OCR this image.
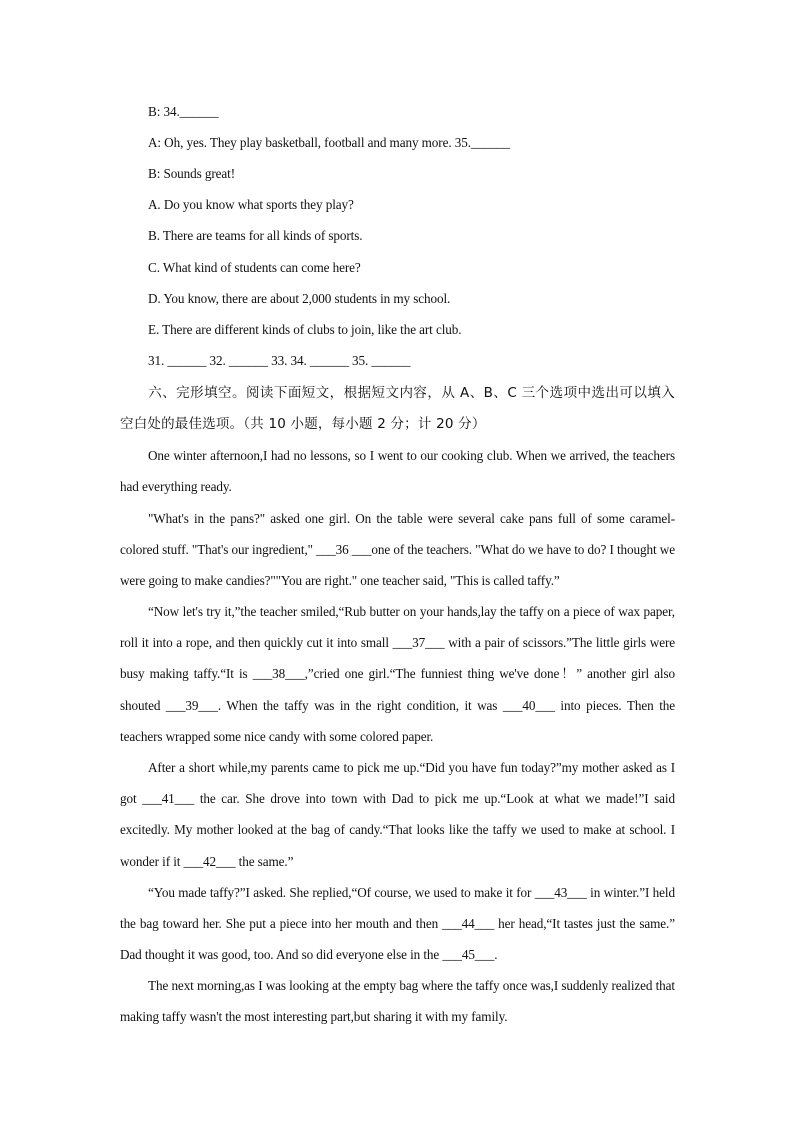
B: 34.______
A: Oh, yes. They play basketball, football and many more. 35.______
B: Sounds great!
A. Do you know what sports they play?
B. There are teams for all kinds of sports.
C. What kind of students can come here?
D. You know, there are about 2,000 students in my school.
E. There are different kinds of clubs to join, like the art club.
31. ______ 32. ______ 33. 34. ______ 35. ______
六、完形填空。阅读下面短文，根据短文内容，从 A、B、C 三个选项中选出可以填入空白处的最佳选项。（共 10 小题，每小题 2 分；计 20 分）
One winter afternoon,I had no lessons, so I went to our cooking club. When we arrived, the teachers had everything ready.
"What's in the pans?" asked one girl. On the table were several cake pans full of some caramel-colored stuff. "That's our ingredient," ___36 ___one of the teachers. "What do we have to do? I thought we were going to make candies?""You are right." one teacher said, "This is called taffy.”
“Now let's try it,”the teacher smiled,“Rub butter on your hands,lay the taffy on a piece of wax paper, roll it into a rope, and then quickly cut it into small ___37___ with a pair of scissors.”The little girls were busy making taffy.“It is ___38___,”cried one girl.“The funniest thing we've done！” another girl also shouted ___39___. When the taffy was in the right condition, it was ___40___ into pieces. Then the teachers wrapped some nice candy with some colored paper.
After a short while,my parents came to pick me up.“Did you have fun today?”my mother asked as I got ___41___ the car. She drove into town with Dad to pick me up.“Look at what we made!”I said excitedly. My mother looked at the bag of candy.“That looks like the taffy we used to make at school. I wonder if it ___42___ the same.”
“You made taffy?”I asked. She replied,“Of course, we used to make it for ___43___ in winter.”I held the bag toward her. She put a piece into her mouth and then ___44___ her head,“It tastes just the same.” Dad thought it was good, too. And so did everyone else in the ___45___.
The next morning,as I was looking at the empty bag where the taffy once was,I suddenly realized that making taffy wasn't the most interesting part,but sharing it with my family.
